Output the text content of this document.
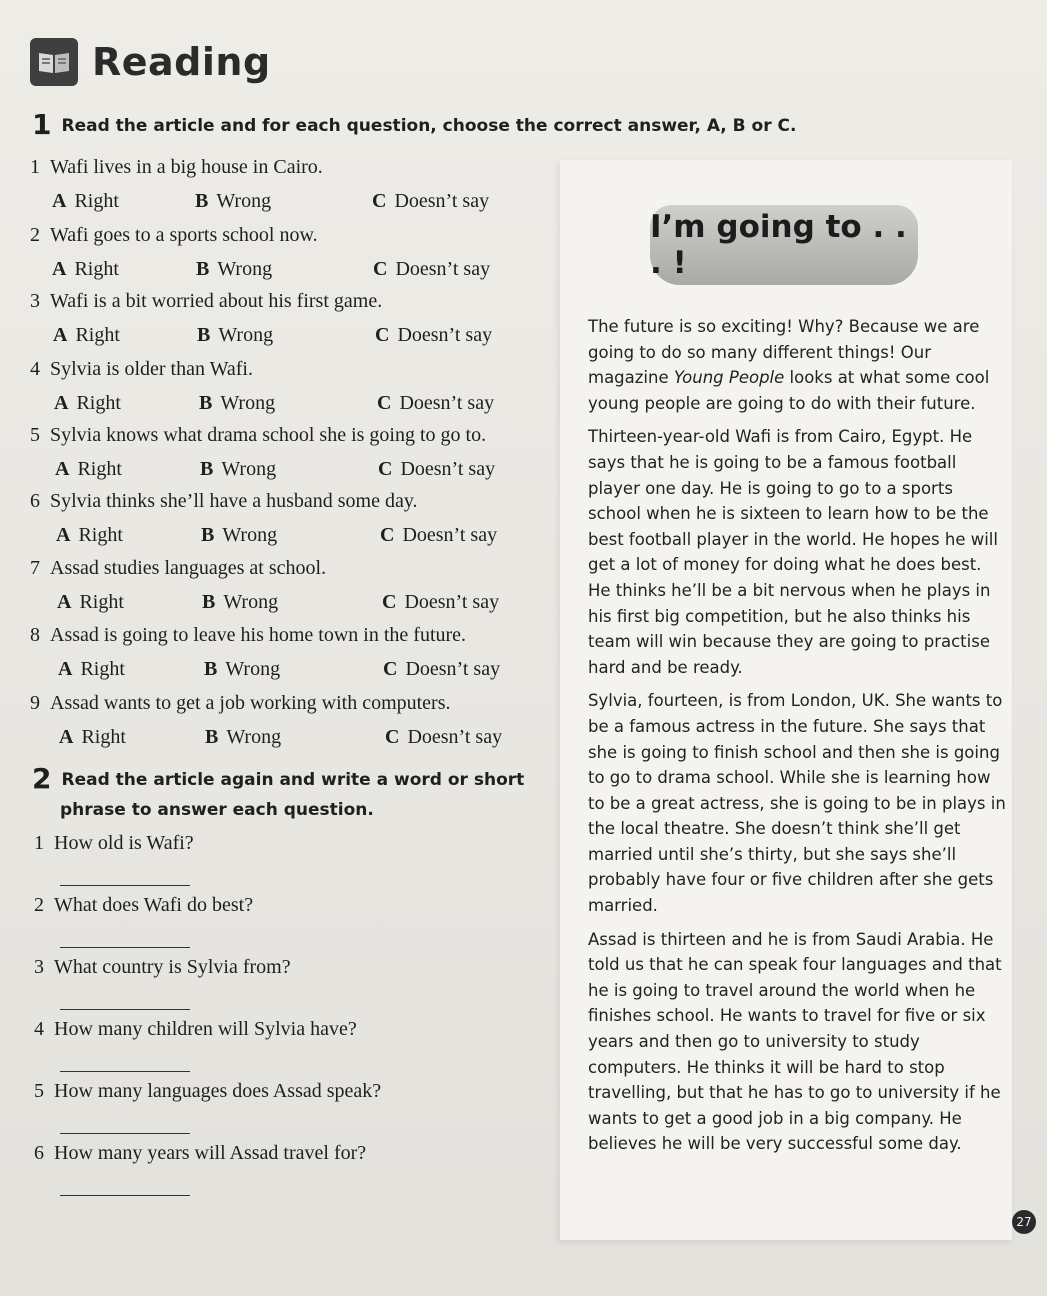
Reading
1 Read the article and for each question, choose the correct answer, A, B or C.
1 Wafi lives in a big house in Cairo.
A Right	B Wrong	C Doesn’t say
2 Wafi goes to a sports school now.
A Right	B Wrong	C Doesn’t say
3 Wafi is a bit worried about his first game.
A Right	B Wrong	C Doesn’t say
4 Sylvia is older than Wafi.
A Right	B Wrong	C Doesn’t say
5 Sylvia knows what drama school she is going to go to.
A Right	B Wrong	C Doesn’t say
6 Sylvia thinks she’ll have a husband some day.
A Right	B Wrong	C Doesn’t say
7 Assad studies languages at school.
A Right	B Wrong	C Doesn’t say
8 Assad is going to leave his home town in the future.
A Right	B Wrong	C Doesn’t say
9 Assad wants to get a job working with computers.
A Right	B Wrong	C Doesn’t say
2 Read the article again and write a word or short
phrase to answer each question.
1 How old is Wafi?
2 What does Wafi do best?
3 What country is Sylvia from?
4 How many children will Sylvia have?
5 How many languages does Assad speak?
6 How many years will Assad travel for?
I’m going to . . . !

The future is so exciting! Why? Because we are going to do so many different things! Our magazine Young People looks at what some cool young people are going to do with their future.

Thirteen-year-old Wafi is from Cairo, Egypt. He says that he is going to be a famous football player one day. He is going to go to a sports school when he is sixteen to learn how to be the best football player in the world. He hopes he will get a lot of money for doing what he does best. He thinks he’ll be a bit nervous when he plays in his first big competition, but he also thinks his team will win because they are going to practise hard and be ready.

Sylvia, fourteen, is from London, UK. She wants to be a famous actress in the future. She says that she is going to finish school and then she is going to go to drama school. While she is learning how to be a great actress, she is going to be in plays in the local theatre. She doesn’t think she’ll get married until she’s thirty, but she says she’ll probably have four or five children after she gets married.

Assad is thirteen and he is from Saudi Arabia. He told us that he can speak four languages and that he is going to travel around the world when he finishes school. He wants to travel for five or six years and then go to university to study computers. He thinks it will be hard to stop travelling, but that he has to go to university if he wants to get a good job in a big company. He believes he will be very successful some day.

27
